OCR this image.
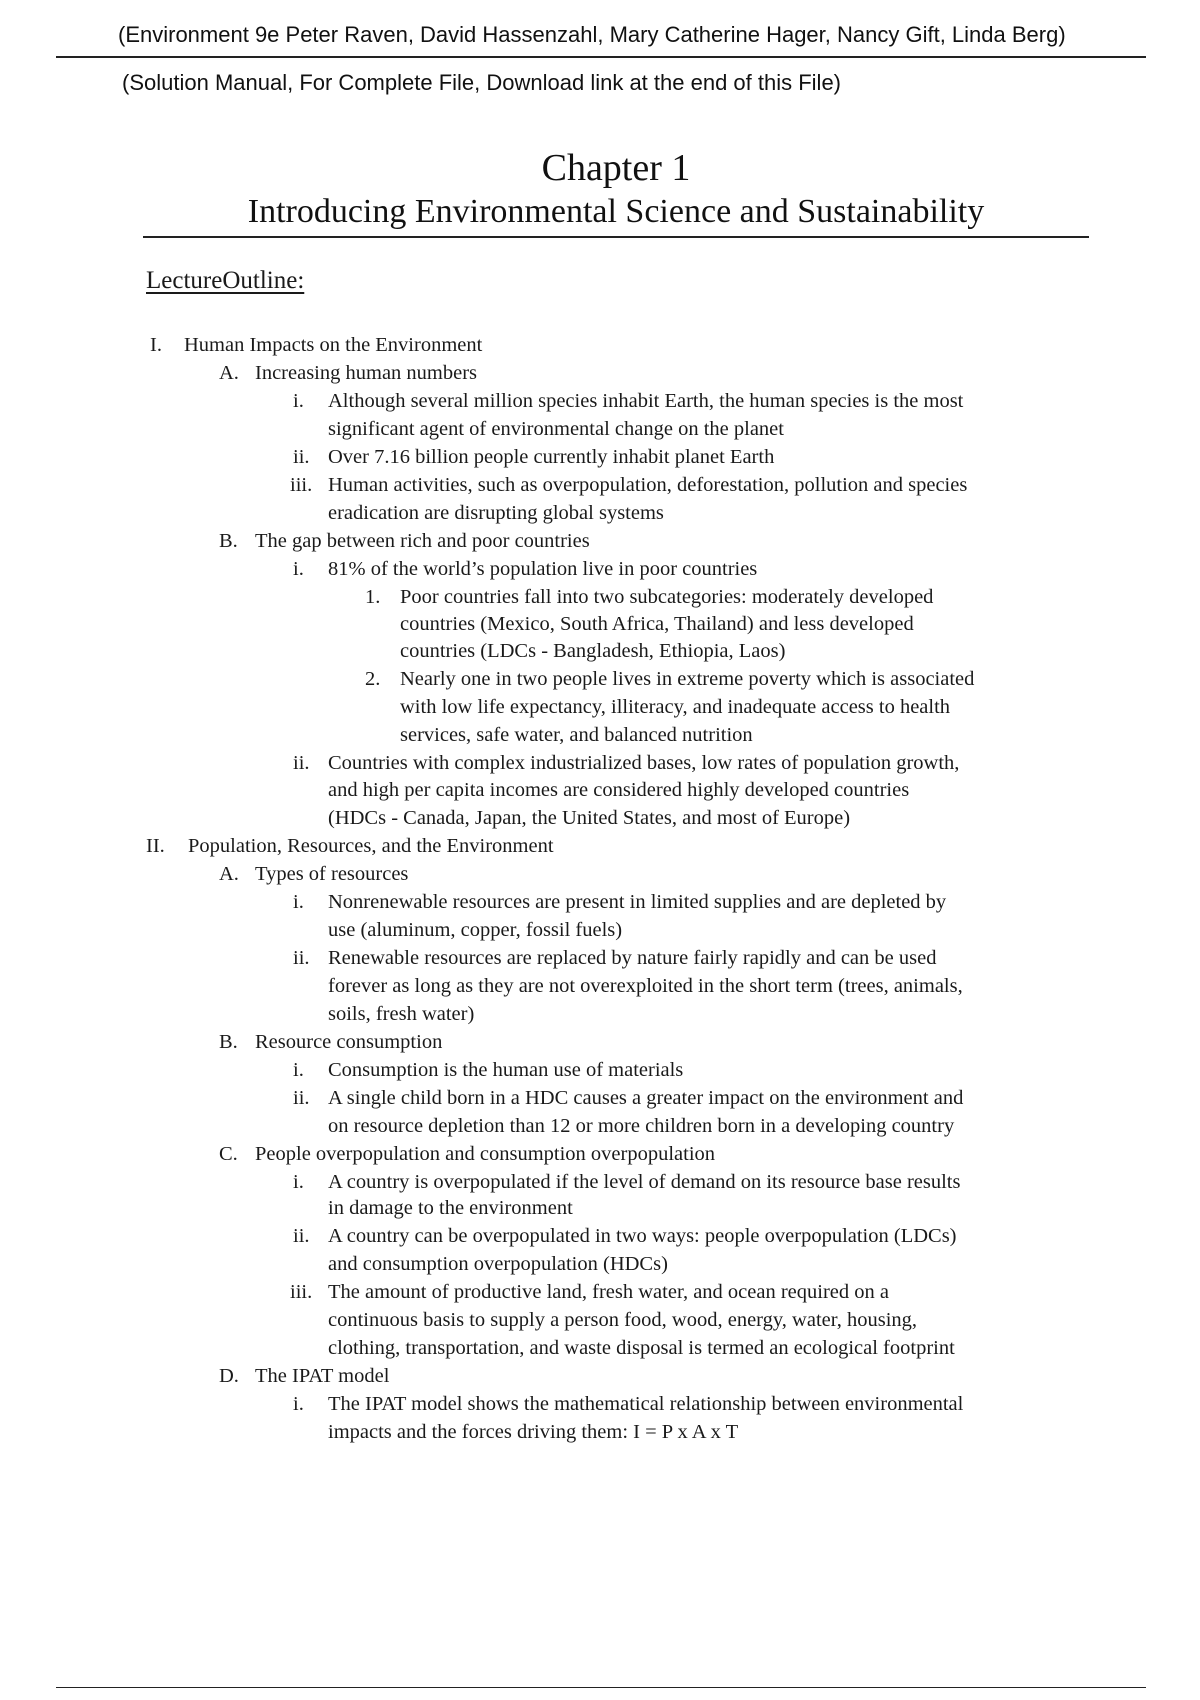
(Environment 9e Peter Raven, David Hassenzahl, Mary Catherine Hager, Nancy Gift, Linda Berg)
(Solution Manual, For Complete File, Download link at the end of this File)
Chapter 1
Introducing Environmental Science and Sustainability
LectureOutline:
I. Human Impacts on the Environment
A. Increasing human numbers
i. Although several million species inhabit Earth, the human species is the most
significant agent of environmental change on the planet
ii. Over 7.16 billion people currently inhabit planet Earth
iii. Human activities, such as overpopulation, deforestation, pollution and species
eradication are disrupting global systems
B. The gap between rich and poor countries
i. 81% of the world’s population live in poor countries
1. Poor countries fall into two subcategories: moderately developed
countries (Mexico, South Africa, Thailand) and less developed
countries (LDCs - Bangladesh, Ethiopia, Laos)
2. Nearly one in two people lives in extreme poverty which is associated
with low life expectancy, illiteracy, and inadequate access to health
services, safe water, and balanced nutrition
ii. Countries with complex industrialized bases, low rates of population growth,
and high per capita incomes are considered highly developed countries
(HDCs - Canada, Japan, the United States, and most of Europe)
II. Population, Resources, and the Environment
A. Types of resources
i. Nonrenewable resources are present in limited supplies and are depleted by
use (aluminum, copper, fossil fuels)
ii. Renewable resources are replaced by nature fairly rapidly and can be used
forever as long as they are not overexploited in the short term (trees, animals,
soils, fresh water)
B. Resource consumption
i. Consumption is the human use of materials
ii. A single child born in a HDC causes a greater impact on the environment and
on resource depletion than 12 or more children born in a developing country
C. People overpopulation and consumption overpopulation
i. A country is overpopulated if the level of demand on its resource base results
in damage to the environment
ii. A country can be overpopulated in two ways: people overpopulation (LDCs)
and consumption overpopulation (HDCs)
iii. The amount of productive land, fresh water, and ocean required on a
continuous basis to supply a person food, wood, energy, water, housing,
clothing, transportation, and waste disposal is termed an ecological footprint
D. The IPAT model
i. The IPAT model shows the mathematical relationship between environmental
impacts and the forces driving them: I = P x A x T
